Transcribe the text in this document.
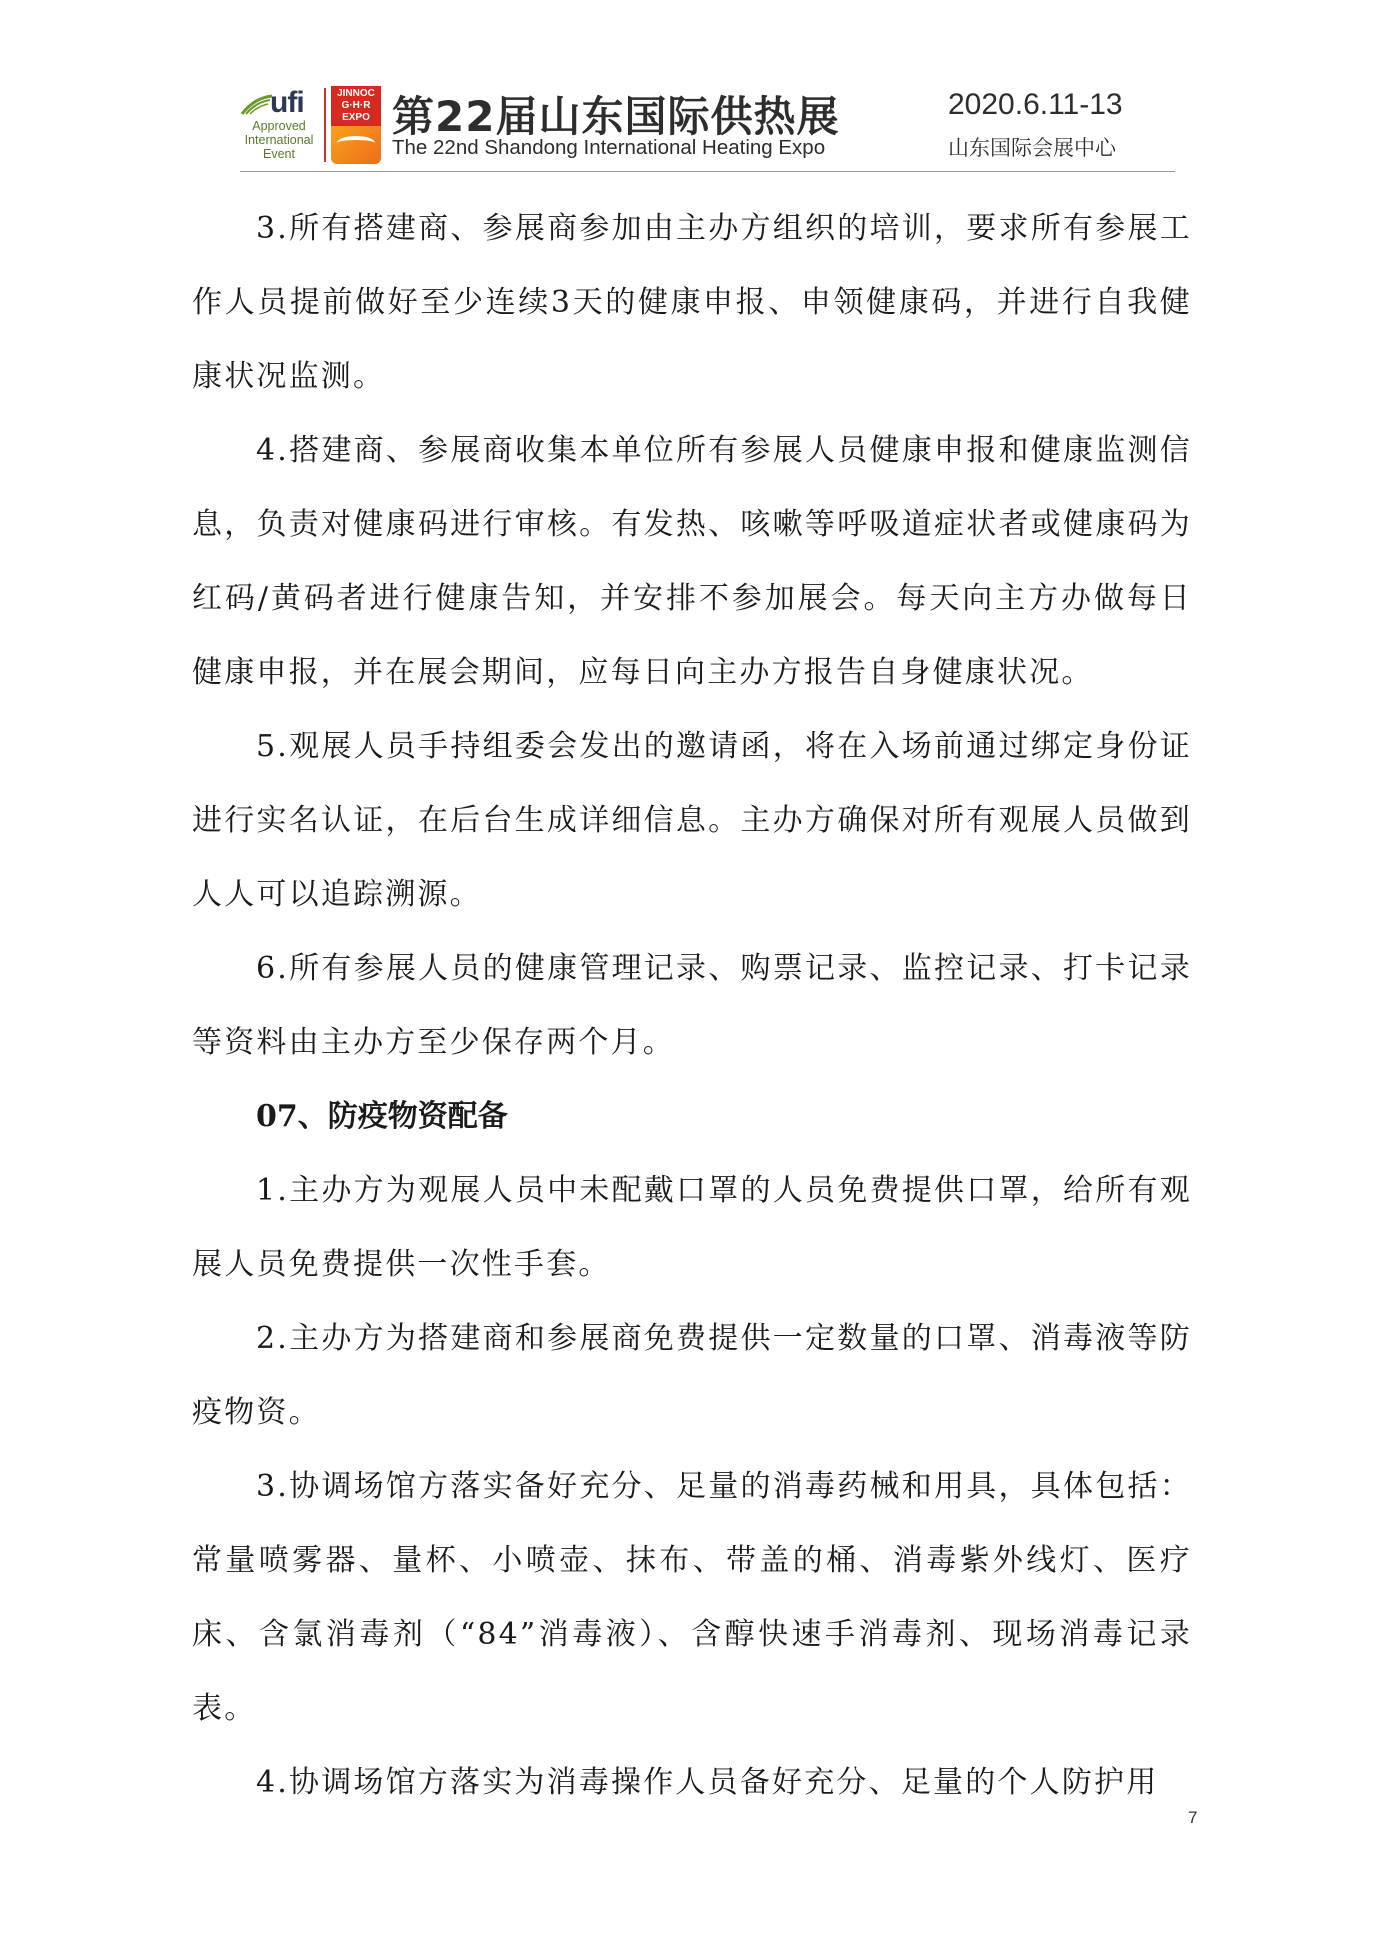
ufi
Approved
International
Event
JINNOC
G·H·R
EXPO 第22届山东国际供热展
The 22nd Shandong International Heating Expo
2020.6.11-13
山东国际会展中心

3.所有搭建商、参展商参加由主办方组织的培训，要求所有参展工作人员提前做好至少连续3天的健康申报、申领健康码，并进行自我健康状况监测。

4.搭建商、参展商收集本单位所有参展人员健康申报和健康监测信息，负责对健康码进行审核。有发热、咳嗽等呼吸道症状者或健康码为红码/黄码者进行健康告知，并安排不参加展会。每天向主方办做每日健康申报，并在展会期间，应每日向主办方报告自身健康状况。

5.观展人员手持组委会发出的邀请函，将在入场前通过绑定身份证进行实名认证，在后台生成详细信息。主办方确保对所有观展人员做到人人可以追踪溯源。

6.所有参展人员的健康管理记录、购票记录、监控记录、打卡记录等资料由主办方至少保存两个月。

07、防疫物资配备

1.主办方为观展人员中未配戴口罩的人员免费提供口罩，给所有观展人员免费提供一次性手套。

2.主办方为搭建商和参展商免费提供一定数量的口罩、消毒液等防疫物资。

3.协调场馆方落实备好充分、足量的消毒药械和用具，具体包括：常量喷雾器、量杯、小喷壶、抹布、带盖的桶、消毒紫外线灯、医疗床、含氯消毒剂（“84”消毒液）、含醇快速手消毒剂、现场消毒记录表。

4.协调场馆方落实为消毒操作人员备好充分、足量的个人防护用

7
